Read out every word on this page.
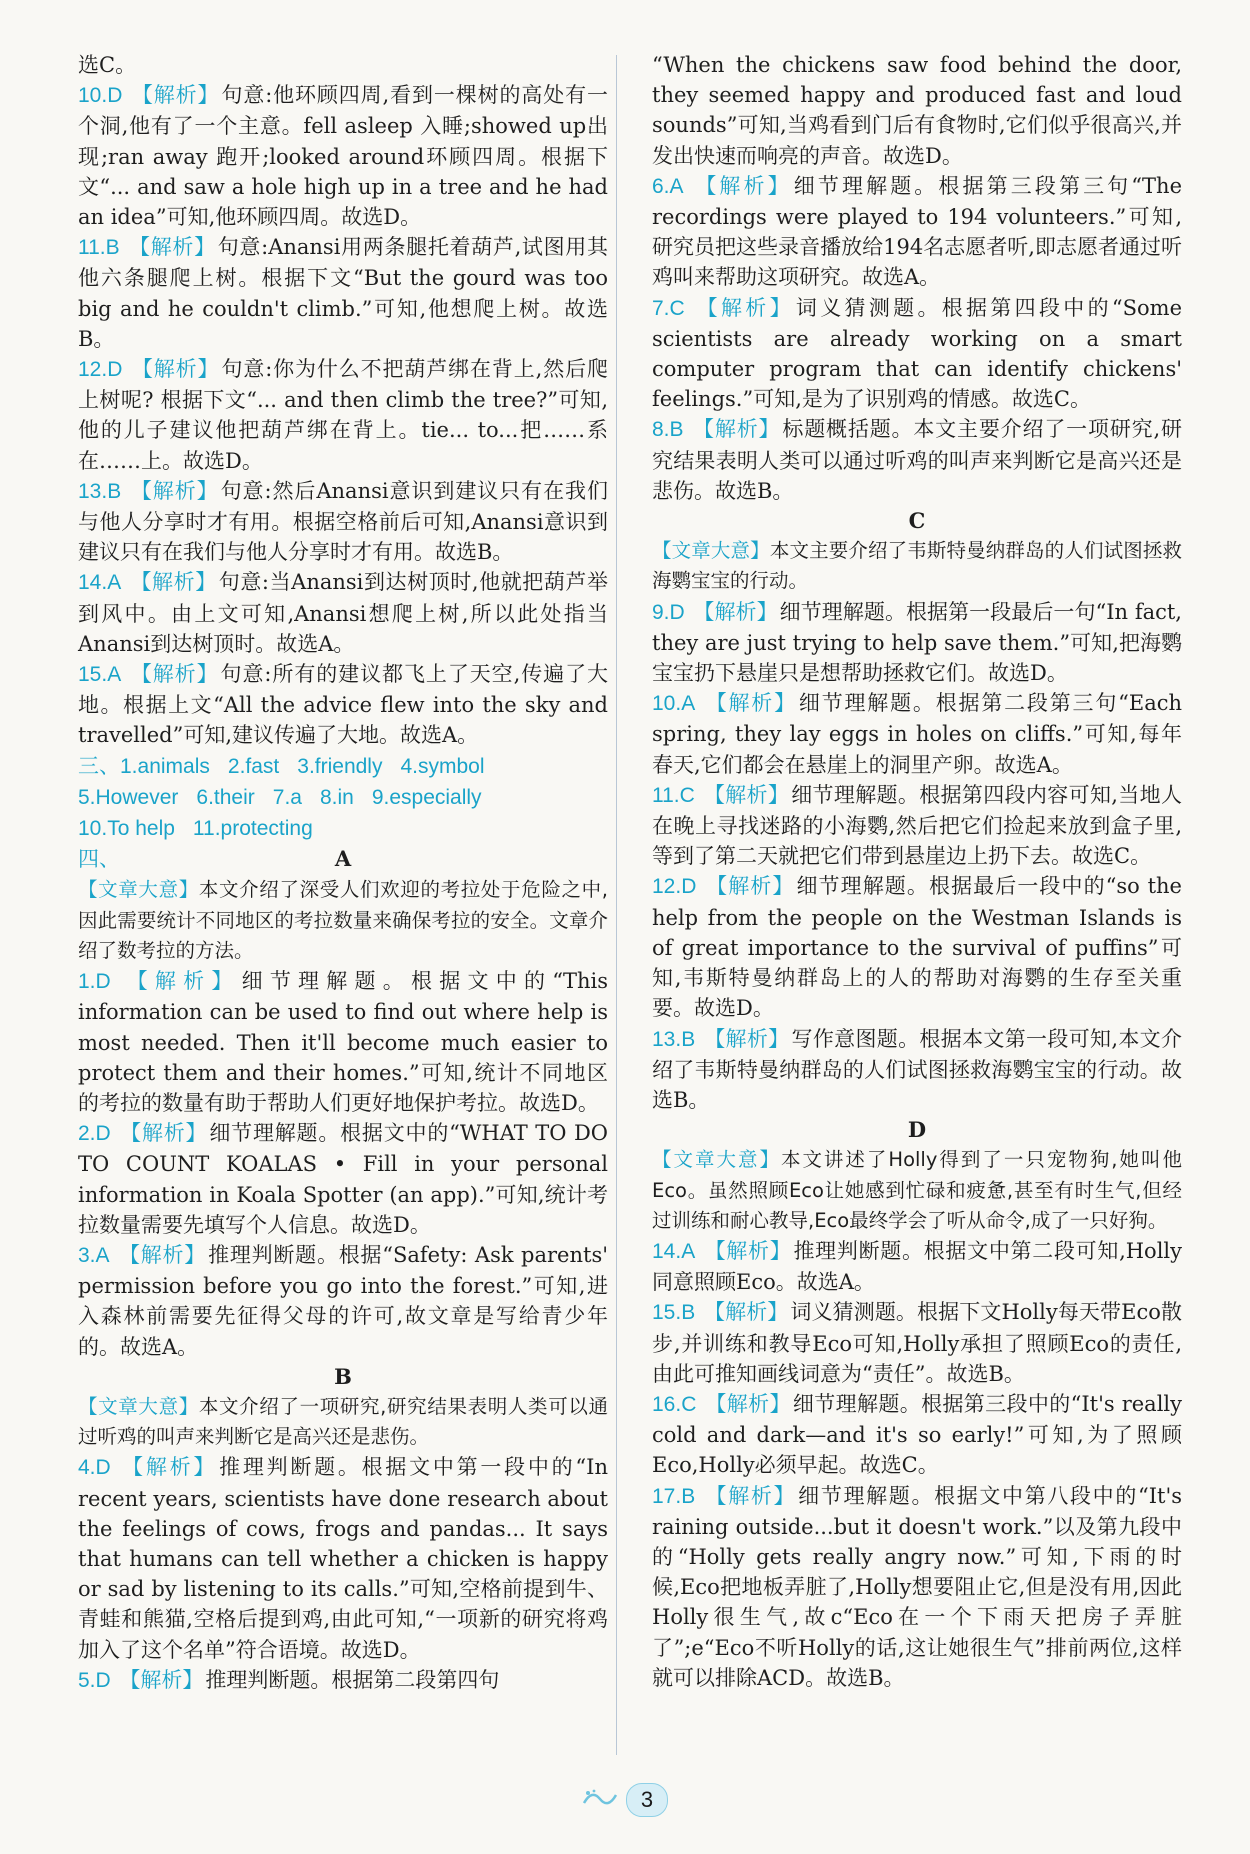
选C。

10.D 【解析】句意:他环顾四周,看到一棵树的高处有一个洞,他有了一个主意。fell asleep 入睡;showed up出现;ran away 跑开;looked around环顾四周。根据下文“... and saw a hole high up in a tree and he had an idea”可知,他环顾四周。故选D。

11.B 【解析】句意:Anansi用两条腿托着葫芦,试图用其他六条腿爬上树。根据下文“But the gourd was too big and he couldn't climb.”可知,他想爬上树。故选B。

12.D 【解析】句意:你为什么不把葫芦绑在背上,然后爬上树呢? 根据下文“... and then climb the tree?”可知,他的儿子建议他把葫芦绑在背上。tie... to...把……系在……上。故选D。

13.B 【解析】句意:然后Anansi意识到建议只有在我们与他人分享时才有用。根据空格前后可知,Anansi意识到建议只有在我们与他人分享时才有用。故选B。

14.A 【解析】句意:当Anansi到达树顶时,他就把葫芦举到风中。由上文可知,Anansi想爬上树,所以此处指当Anansi到达树顶时。故选A。

15.A 【解析】句意:所有的建议都飞上了天空,传遍了大地。根据上文“All the advice flew into the sky and travelled”可知,建议传遍了大地。故选A。

三、1.animals 2.fast 3.friendly 4.symbol

5.However 6.their 7.a 8.in 9.especially

10.To help 11.protecting

四、	A

【文章大意】本文介绍了深受人们欢迎的考拉处于危险之中,因此需要统计不同地区的考拉数量来确保考拉的安全。文章介绍了数考拉的方法。

1.D 【解析】细节理解题。根据文中的“This information can be used to find out where help is most needed. Then it'll become much easier to protect them and their homes.”可知,统计不同地区的考拉的数量有助于帮助人们更好地保护考拉。故选D。

2.D 【解析】细节理解题。根据文中的“WHAT TO DO TO COUNT KOALAS • Fill in your personal information in Koala Spotter (an app).”可知,统计考拉数量需要先填写个人信息。故选D。

3.A 【解析】推理判断题。根据“Safety: Ask parents' permission before you go into the forest.”可知,进入森林前需要先征得父母的许可,故文章是写给青少年的。故选A。

B

【文章大意】本文介绍了一项研究,研究结果表明人类可以通过听鸡的叫声来判断它是高兴还是悲伤。

4.D 【解析】推理判断题。根据文中第一段中的“In recent years, scientists have done research about the feelings of cows, frogs and pandas... It says that humans can tell whether a chicken is happy or sad by listening to its calls.”可知,空格前提到牛、青蛙和熊猫,空格后提到鸡,由此可知,“一项新的研究将鸡加入了这个名单”符合语境。故选D。

5.D 【解析】推理判断题。根据第二段第四句

“When the chickens saw food behind the door, they seemed happy and produced fast and loud sounds”可知,当鸡看到门后有食物时,它们似乎很高兴,并发出快速而响亮的声音。故选D。

6.A 【解析】细节理解题。根据第三段第三句“The recordings were played to 194 volunteers.”可知,研究员把这些录音播放给194名志愿者听,即志愿者通过听鸡叫来帮助这项研究。故选A。

7.C 【解析】词义猜测题。根据第四段中的“Some scientists are already working on a smart computer program that can identify chickens' feelings.”可知,是为了识别鸡的情感。故选C。

8.B 【解析】标题概括题。本文主要介绍了一项研究,研究结果表明人类可以通过听鸡的叫声来判断它是高兴还是悲伤。故选B。

C

【文章大意】本文主要介绍了韦斯特曼纳群岛的人们试图拯救海鹦宝宝的行动。

9.D 【解析】细节理解题。根据第一段最后一句“In fact, they are just trying to help save them.”可知,把海鹦宝宝扔下悬崖只是想帮助拯救它们。故选D。

10.A 【解析】细节理解题。根据第二段第三句“Each spring, they lay eggs in holes on cliffs.”可知,每年春天,它们都会在悬崖上的洞里产卵。故选A。

11.C 【解析】细节理解题。根据第四段内容可知,当地人在晚上寻找迷路的小海鹦,然后把它们捡起来放到盒子里,等到了第二天就把它们带到悬崖边上扔下去。故选C。

12.D 【解析】细节理解题。根据最后一段中的“so the help from the people on the Westman Islands is of great importance to the survival of puffins”可知,韦斯特曼纳群岛上的人的帮助对海鹦的生存至关重要。故选D。

13.B 【解析】写作意图题。根据本文第一段可知,本文介绍了韦斯特曼纳群岛的人们试图拯救海鹦宝宝的行动。故选B。

D

【文章大意】本文讲述了Holly得到了一只宠物狗,她叫他Eco。虽然照顾Eco让她感到忙碌和疲惫,甚至有时生气,但经过训练和耐心教导,Eco最终学会了听从命令,成了一只好狗。

14.A 【解析】推理判断题。根据文中第二段可知,Holly同意照顾Eco。故选A。

15.B 【解析】词义猜测题。根据下文Holly每天带Eco散步,并训练和教导Eco可知,Holly承担了照顾Eco的责任,由此可推知画线词意为“责任”。故选B。

16.C 【解析】细节理解题。根据第三段中的“It's really cold and dark—and it's so early!”可知,为了照顾Eco,Holly必须早起。故选C。

17.B 【解析】细节理解题。根据文中第八段中的“It's raining outside...but it doesn't work.”以及第九段中的“Holly gets really angry now.”可知,下雨的时候,Eco把地板弄脏了,Holly想要阻止它,但是没有用,因此Holly很生气,故c“Eco在一个下雨天把房子弄脏了”;e“Eco不听Holly的话,这让她很生气”排前两位,这样就可以排除ACD。故选B。

3
